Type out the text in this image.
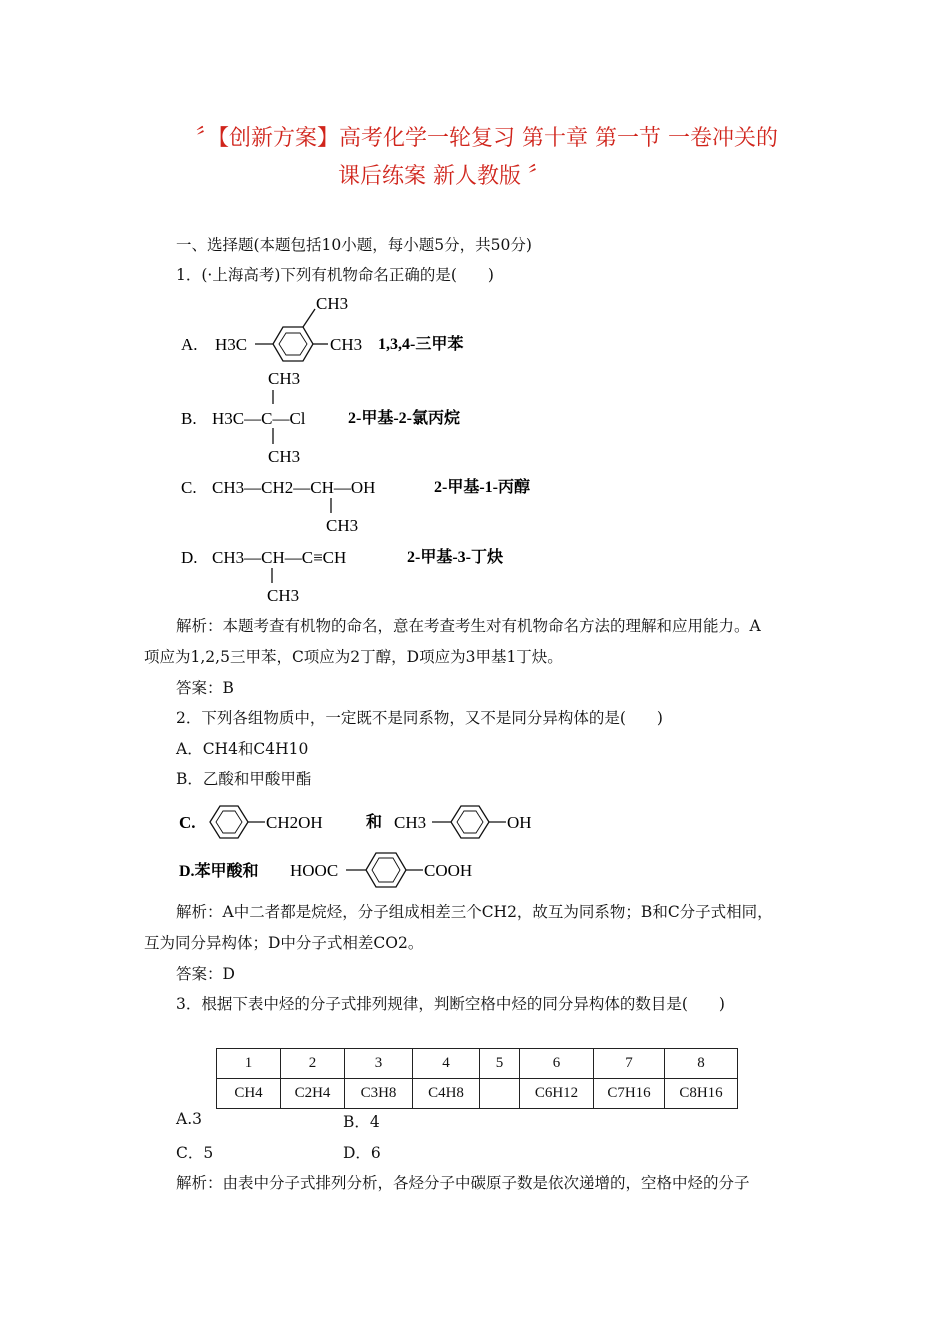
〞【创新方案】高考化学一轮复习 第十章 第一节 一卷冲关的
课后练案 新人教版 〞
一、选择题(本题包括10小题，每小题5分，共50分)
1．(·上海高考)下列有机物命名正确的是(　　)
A. H3C
CH3
CH3 1,3,4-三甲苯
CH3
B. H3C—C—Cl
CH3
2-甲基-2-氯丙烷
C. CH3—CH2—CH—OH
CH3
2-甲基-1-丙醇
D. CH3—CH—C≡CH
CH3
2-甲基-3-丁炔
解析：本题考查有机物的命名，意在考查考生对有机物命名方法的理解和应用能力。A
项应为1,2,5三甲苯，C项应为2丁醇，D项应为3甲基1丁炔。
答案：B
2．下列各组物质中，一定既不是同系物，又不是同分异构体的是(　　)
A．CH4和C4H10
B．乙酸和甲酸甲酯
C.	CH2OH	和 CH3	OH
D.苯甲酸和 HOOC	COOH
解析：A中二者都是烷烃，分子组成相差三个CH2，故互为同系物；B和C分子式相同，
互为同分异构体；D中分子式相差CO2。
答案：D
3．根据下表中烃的分子式排列规律，判断空格中烃的同分异构体的数目是(　　)
1	2	3	4	5	6	7	8
CH4	C2H4	C3H8	C4H8		C6H12	C7H16	C8H16
A.3	B．4
C．5	D．6
解析：由表中分子式排列分析，各烃分子中碳原子数是依次递增的，空格中烃的分子
